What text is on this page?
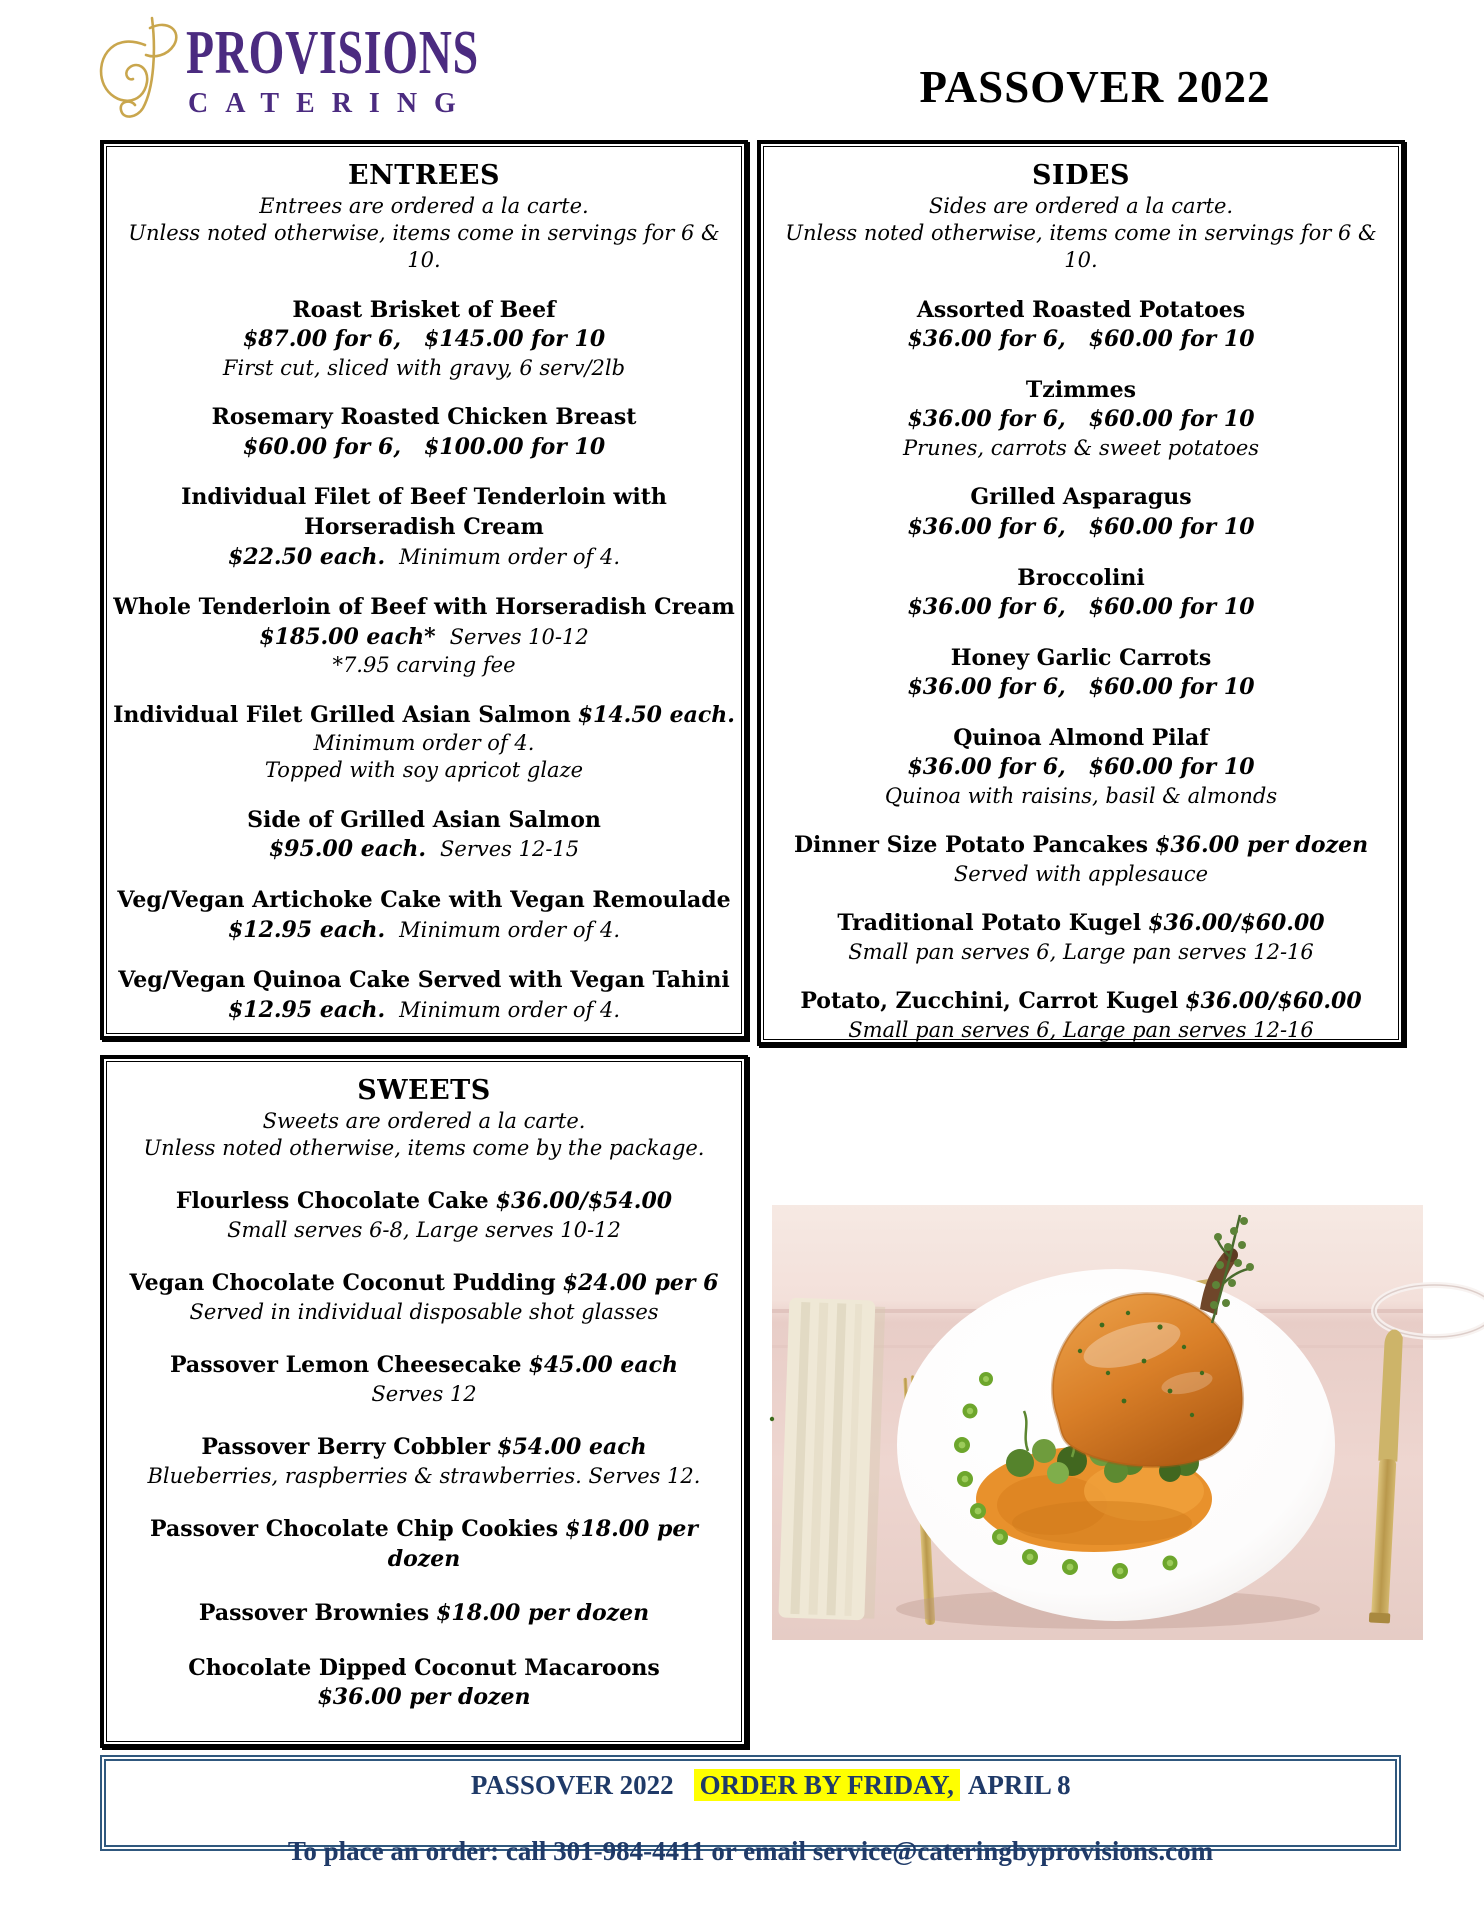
PROVISIONS
CATERING	PASSOVER 2022
ENTREES
Entrees are ordered a la carte.
Unless noted otherwise, items come in servings for 6 &  10.
Roast Brisket of Beef
$87.00 for 6,   $145.00 for 10
First cut, sliced with gravy, 6 serv/2lb
Rosemary Roasted Chicken Breast
$60.00 for 6,   $100.00 for 10
Individual Filet of Beef Tenderloin with Horseradish Cream
$22.50 each. Minimum order of 4.
Whole Tenderloin of Beef with Horseradish Cream
$185.00 each* Serves 10-12
*7.95 carving fee
Individual Filet Grilled Asian Salmon $14.50 each.
Minimum order of 4.
Topped with soy apricot glaze
Side of Grilled Asian Salmon
$95.00 each. Serves 12-15
Veg/Vegan Artichoke Cake with Vegan Remoulade
$12.95 each. Minimum order of 4.
Veg/Vegan Quinoa Cake Served with Vegan Tahini
$12.95 each. Minimum order of 4.
SIDES
Sides are ordered a la carte.
Unless noted otherwise, items come in servings for 6 & 10.
Assorted Roasted Potatoes
$36.00 for 6,   $60.00 for 10
Tzimmes
$36.00 for 6,   $60.00 for 10
Prunes, carrots & sweet potatoes
Grilled Asparagus
$36.00 for 6,   $60.00 for 10
Broccolini
$36.00 for 6,   $60.00 for 10
Honey Garlic Carrots
$36.00 for 6,   $60.00 for 10
Quinoa Almond Pilaf
$36.00 for 6,   $60.00 for 10
Quinoa with raisins, basil & almonds
Dinner Size Potato Pancakes $36.00 per dozen
Served with applesauce
Traditional Potato Kugel $36.00/$60.00
Small pan serves 6, Large pan serves 12-16
Potato, Zucchini, Carrot Kugel $36.00/$60.00
Small pan serves 6, Large pan serves 12-16
SWEETS
Sweets are ordered a la carte.
Unless noted otherwise, items come by the package.
Flourless Chocolate Cake $36.00/$54.00
Small serves 6-8, Large serves 10-12
Vegan Chocolate Coconut Pudding $24.00 per 6
Served in individual disposable shot glasses
Passover Lemon Cheesecake $45.00 each
Serves 12
Passover Berry Cobbler $54.00 each
Blueberries, raspberries & strawberries. Serves 12.
Passover Chocolate Chip Cookies $18.00 per dozen
Passover Brownies $18.00 per dozen
Chocolate Dipped Coconut Macaroons
$36.00 per dozen

PASSOVER 2022 ORDER BY FRIDAY, APRIL 8

To place an order: call 301-984-4411 or email service@cateringbyprovisions.com
